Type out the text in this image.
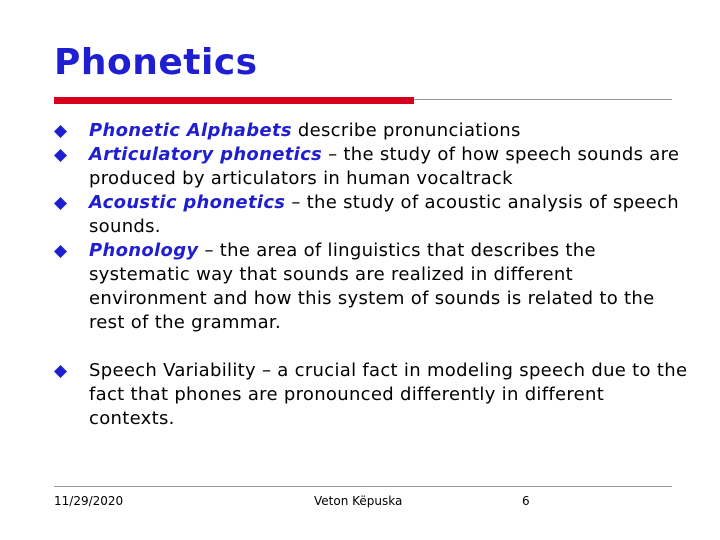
Phonetics
Phonetic Alphabets describe pronunciations
Articulatory phonetics – the study of how speech sounds are produced by articulators in human vocaltrack
Acoustic phonetics – the study of acoustic analysis of speech sounds.
Phonology – the area of linguistics that describes the systematic way that sounds are realized in different environment and how this system of sounds is related to the rest of the grammar.
Speech Variability – a crucial fact in modeling speech due to the fact that phones are pronounced differently in different contexts.
11/29/2020	Veton Këpuska	6
